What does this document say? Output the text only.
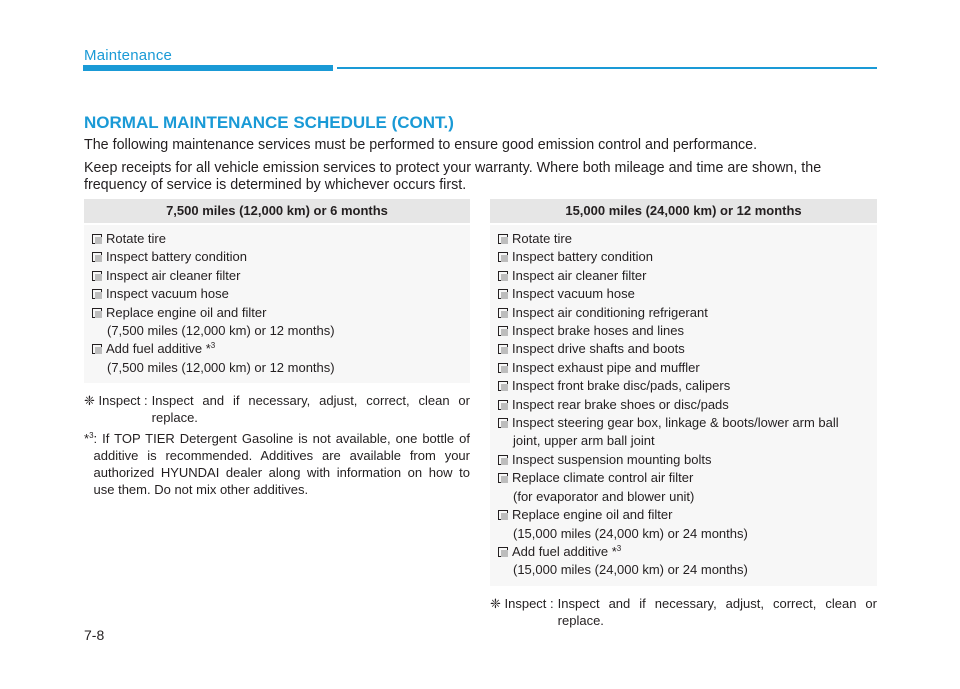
Maintenance
NORMAL MAINTENANCE SCHEDULE (CONT.)
The following maintenance services must be performed to ensure good emission control and performance.
Keep receipts for all vehicle emission services to protect your warranty. Where both mileage and time are shown, the frequency of service is determined by whichever occurs first.
7,500 miles (12,000 km) or 6 months
Rotate tire
Inspect battery condition
Inspect air cleaner filter
Inspect vacuum hose
Replace engine oil and filter
(7,500 miles (12,000 km) or 12 months)
Add fuel additive *$^3$
(7,500 miles (12,000 km) or 12 months)
❈ Inspect : Inspect and if necessary, adjust, correct, clean or replace.
*$^3$ : If TOP TIER Detergent Gasoline is not available, one bottle of additive is recommended. Additives are available from your authorized HYUNDAI dealer along with information on how to use them. Do not mix other additives.
15,000 miles (24,000 km) or 12 months
Rotate tire
Inspect battery condition
Inspect air cleaner filter
Inspect vacuum hose
Inspect air conditioning refrigerant
Inspect brake hoses and lines
Inspect drive shafts and boots
Inspect exhaust pipe and muffler
Inspect front brake disc/pads, calipers
Inspect rear brake shoes or disc/pads
Inspect steering gear box, linkage & boots/lower arm ball joint, upper arm ball joint
Inspect suspension mounting bolts
Replace climate control air filter
(for evaporator and blower unit)
Replace engine oil and filter
(15,000 miles (24,000 km) or 24 months)
Add fuel additive *$^3$
(15,000 miles (24,000 km) or 24 months)
❈ Inspect : Inspect and if necessary, adjust, correct, clean or replace.
7-8
